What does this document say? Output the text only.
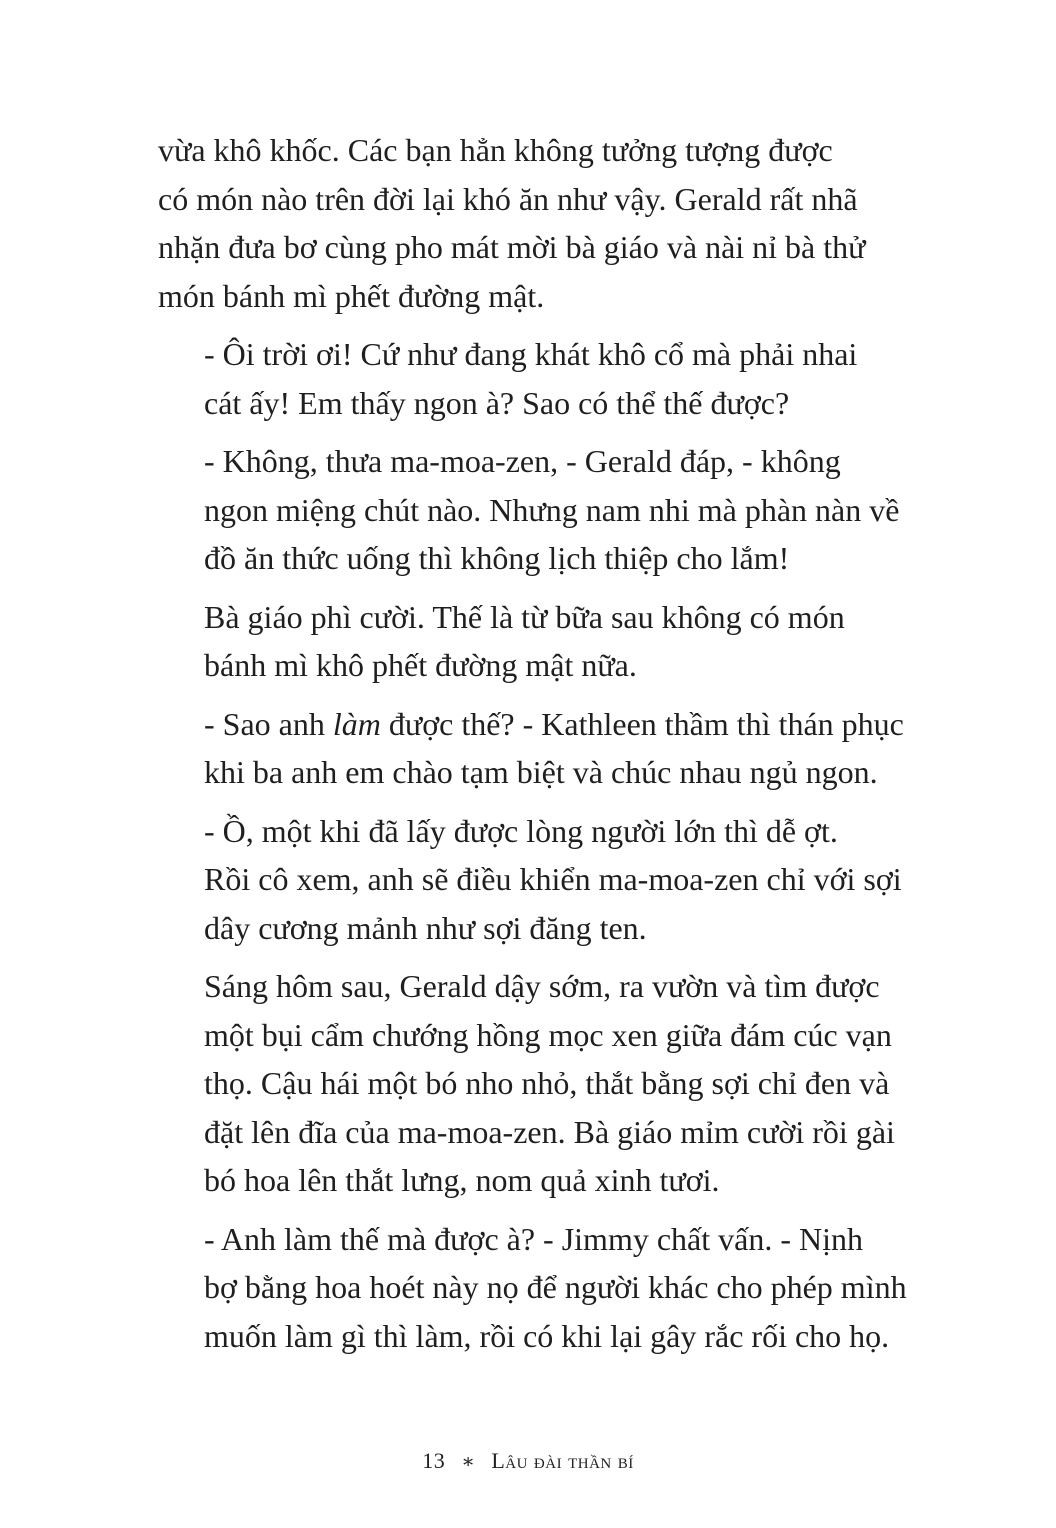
vừa khô khốc. Các bạn hẳn không tưởng tượng được
có món nào trên đời lại khó ăn như vậy. Gerald rất nhã
nhặn đưa bơ cùng pho mát mời bà giáo và nài nỉ bà thử
món bánh mì phết đường mật.

- Ôi trời ơi! Cứ như đang khát khô cổ mà phải nhai
cát ấy! Em thấy ngon à? Sao có thể thế được?

- Không, thưa ma-moa-zen, - Gerald đáp, - không
ngon miệng chút nào. Nhưng nam nhi mà phàn nàn về
đồ ăn thức uống thì không lịch thiệp cho lắm!

Bà giáo phì cười. Thế là từ bữa sau không có món
bánh mì khô phết đường mật nữa.

- Sao anh làm được thế? - Kathleen thầm thì thán phục
khi ba anh em chào tạm biệt và chúc nhau ngủ ngon.

- Ồ, một khi đã lấy được lòng người lớn thì dễ ợt.
Rồi cô xem, anh sẽ điều khiển ma-moa-zen chỉ với sợi
dây cương mảnh như sợi đăng ten.

Sáng hôm sau, Gerald dậy sớm, ra vườn và tìm được
một bụi cẩm chướng hồng mọc xen giữa đám cúc vạn
thọ. Cậu hái một bó nho nhỏ, thắt bằng sợi chỉ đen và
đặt lên đĩa của ma-moa-zen. Bà giáo mỉm cười rồi gài
bó hoa lên thắt lưng, nom quả xinh tươi.

- Anh làm thế mà được à? - Jimmy chất vấn. - Nịnh
bợ bằng hoa hoét này nọ để người khác cho phép mình
muốn làm gì thì làm, rồi có khi lại gây rắc rối cho họ.

13 ∗ Lâu đài thần bí
